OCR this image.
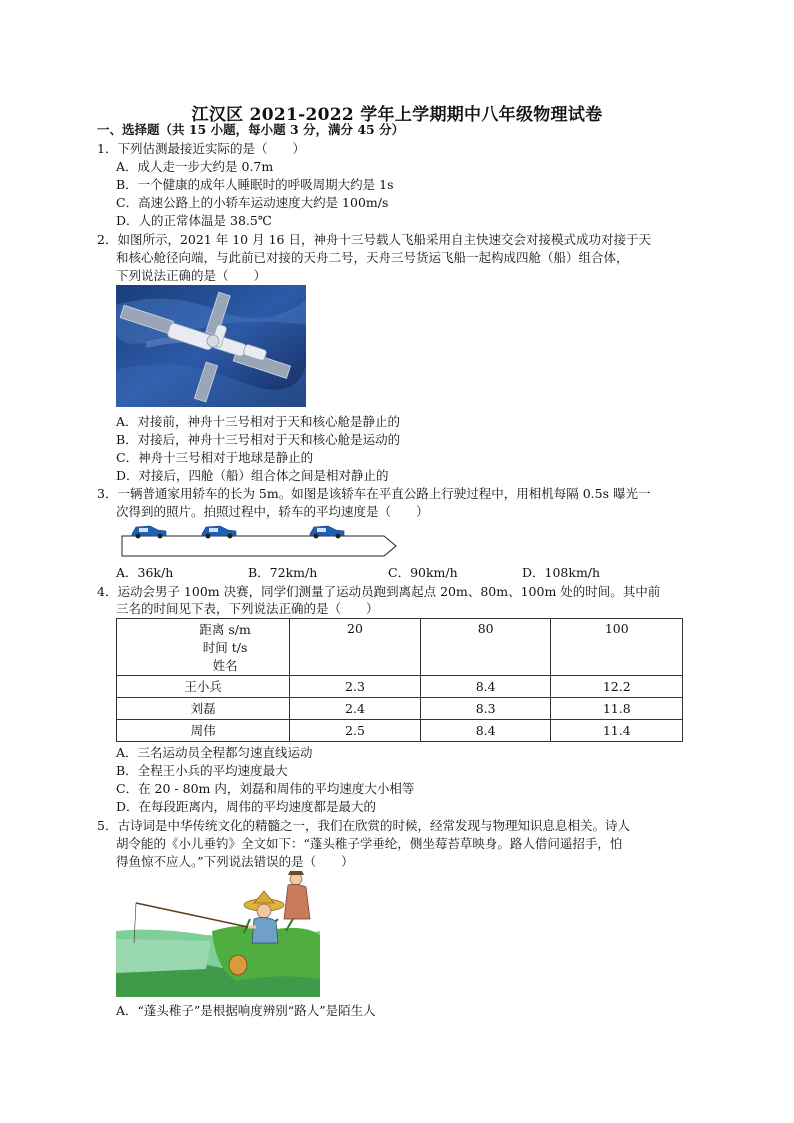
江汉区 2021-2022 学年上学期期中八年级物理试卷
一、选择题（共 15 小题，每小题 3 分，满分 45 分）
1．下列估测最接近实际的是（　　）
A．成人走一步大约是 0.7m
B．一个健康的成年人睡眠时的呼吸周期大约是 1s
C．高速公路上的小轿车运动速度大约是 100m/s
D．人的正常体温是 38.5℃
2．如图所示，2021 年 10 月 16 日，神舟十三号载人飞船采用自主快速交会对接模式成功对接于天
和核心舱径向端，与此前已对接的天舟二号，天舟三号货运飞船一起构成四舱（船）组合体，
下列说法正确的是（　　）
A．对接前，神舟十三号相对于天和核心舱是静止的
B．对接后，神舟十三号相对于天和核心舱是运动的
C．神舟十三号相对于地球是静止的
D．对接后，四舱（船）组合体之间是相对静止的
3．一辆普通家用轿车的长为 5m。如图是该轿车在平直公路上行驶过程中，用相机每隔 0.5s 曝光一
次得到的照片。拍照过程中，轿车的平均速度是（　　）
A．36k/h	B．72km/h	C．90km/h	D．108km/h
4．运动会男子 100m 决赛，同学们测量了运动员跑到离起点 20m、80m、100m 处的时间。其中前
三名的时间见下表，下列说法正确的是（　　）
距离 s/m
时间 t/s
姓名	20	80	100
王小兵	2.3	8.4	12.2
刘磊	2.4	8.3	11.8
周伟	2.5	8.4	11.4
A．三名运动员全程都匀速直线运动
B．全程王小兵的平均速度最大
C．在 20 - 80m 内，刘磊和周伟的平均速度大小相等
D．在每段距离内，周伟的平均速度都是最大的
5．古诗词是中华传统文化的精髓之一，我们在欣赏的时候，经常发现与物理知识息息相关。诗人
胡令能的《小儿垂钓》全文如下：“蓬头稚子学垂纶，侧坐莓苔草映身。路人借问遥招手，怕
得鱼惊不应人。”下列说法错误的是（　　）
A．“蓬头稚子”是根据响度辨别“路人”是陌生人
